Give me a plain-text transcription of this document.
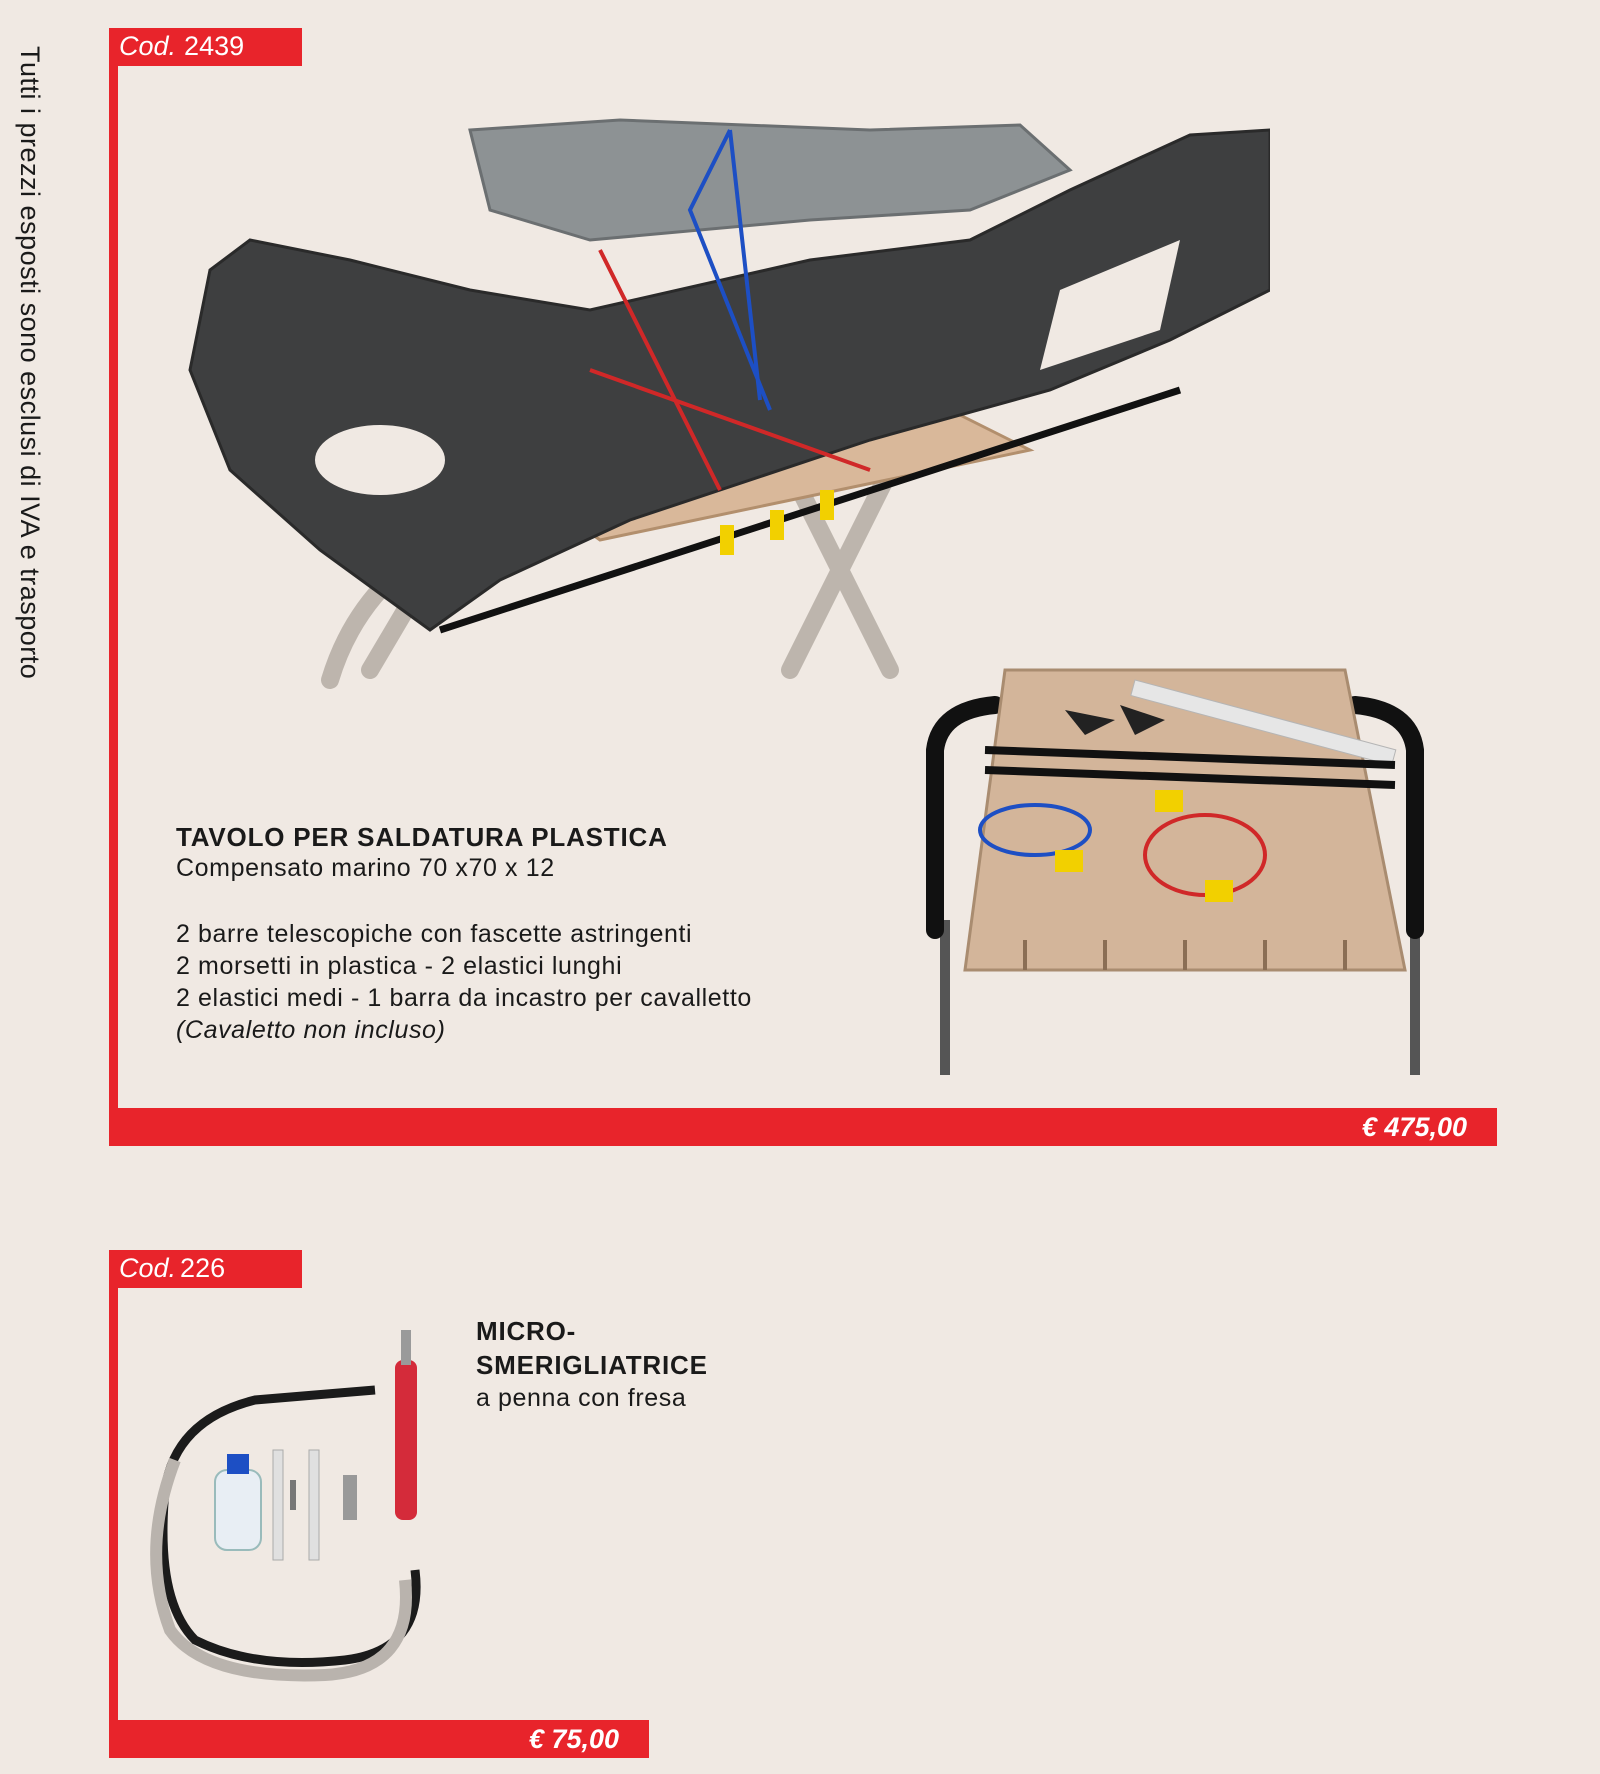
Tutti i prezzi esposti sono esclusi di IVA e trasporto	Cod. 2439
€ 475,00
TAVOLO PER SALDATURA PLASTICA
Compensato marino 70 x70 x 12
2 barre telescopiche con fascette astringenti
2 morsetti in plastica - 2 elastici lunghi
2 elastici medi - 1 barra da incastro per cavalletto
(Cavaletto non incluso)
Cod. 226
€ 75,00
MICRO-
SMERIGLIATRICE
a penna con fresa
